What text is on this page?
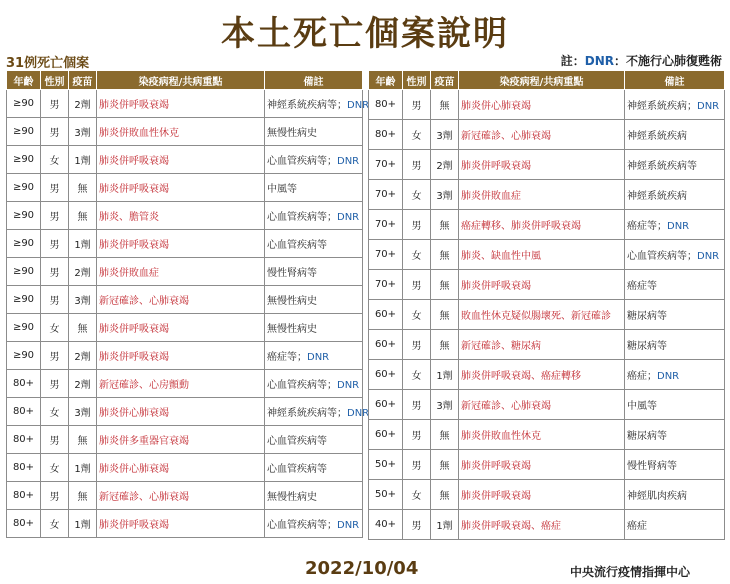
本土死亡個案說明
31例死亡個案	註：DNR：不施行心肺復甦術
年齡	性別	疫苗	染疫病程/共病重點	備註
≥90	男	2劑	肺炎併呼吸衰竭	神經系統疾病等；DNR
≥90	男	3劑	肺炎併敗血性休克	無慢性病史
≥90	女	1劑	肺炎併呼吸衰竭	心血管疾病等；DNR
≥90	男	無	肺炎併呼吸衰竭	中風等
≥90	男	無	肺炎、膽管炎	心血管疾病等；DNR
≥90	男	1劑	肺炎併呼吸衰竭	心血管疾病等
≥90	男	2劑	肺炎併敗血症	慢性腎病等
≥90	男	3劑	新冠確診、心肺衰竭	無慢性病史
≥90	女	無	肺炎併呼吸衰竭	無慢性病史
≥90	男	2劑	肺炎併呼吸衰竭	癌症等；DNR
80+	男	2劑	新冠確診、心房顫動	心血管疾病等；DNR
80+	女	3劑	肺炎併心肺衰竭	神經系統疾病等；DNR
80+	男	無	肺炎併多重器官衰竭	心血管疾病等
80+	女	1劑	肺炎併心肺衰竭	心血管疾病等
80+	男	無	新冠確診、心肺衰竭	無慢性病史
80+	女	1劑	肺炎併呼吸衰竭	心血管疾病等；DNR
年齡	性別	疫苗	染疫病程/共病重點	備註
80+	男	無	肺炎併心肺衰竭	神經系統疾病；DNR
80+	女	3劑	新冠確診、心肺衰竭	神經系統疾病
70+	男	2劑	肺炎併呼吸衰竭	神經系統疾病等
70+	女	3劑	肺炎併敗血症	神經系統疾病
70+	男	無	癌症轉移、肺炎併呼吸衰竭	癌症等；DNR
70+	女	無	肺炎、缺血性中風	心血管疾病等；DNR
70+	男	無	肺炎併呼吸衰竭	癌症等
60+	女	無	敗血性休克疑似腸壞死、新冠確診	糖尿病等
60+	男	無	新冠確診、糖尿病	糖尿病等
60+	女	1劑	肺炎併呼吸衰竭、癌症轉移	癌症；DNR
60+	男	3劑	新冠確診、心肺衰竭	中風等
60+	男	無	肺炎併敗血性休克	糖尿病等
50+	男	無	肺炎併呼吸衰竭	慢性腎病等
50+	女	無	肺炎併呼吸衰竭	神經肌肉疾病
40+	男	1劑	肺炎併呼吸衰竭、癌症	癌症
2022/10/04	中央流行疫情指揮中心
